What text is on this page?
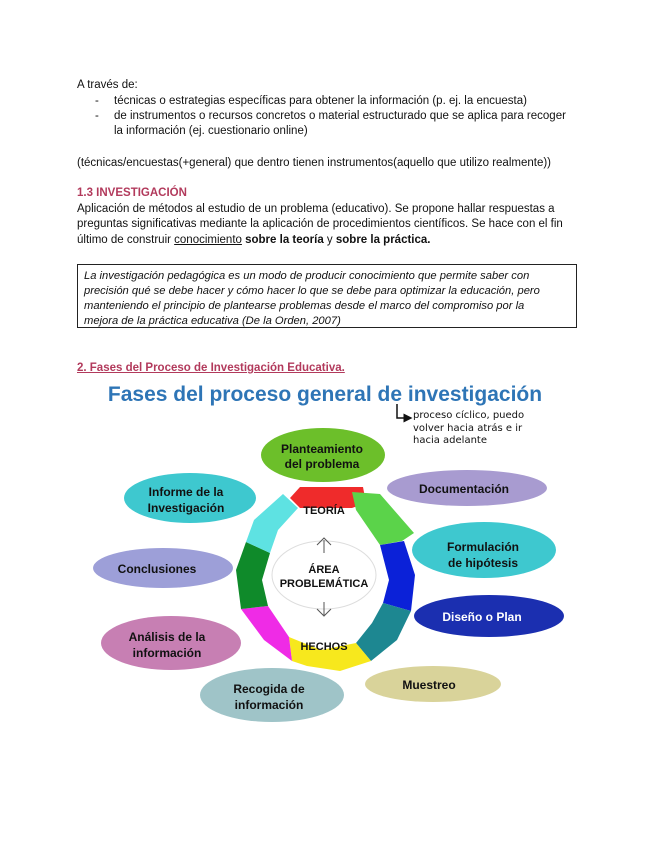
A través de:
- técnicas o estrategias específicas para obtener la información (p. ej. la encuesta)
- de instrumentos o recursos concretos o material estructurado que se aplica para recoger
la información (ej. cuestionario online)
(técnicas/encuestas(+general) que dentro tienen instrumentos(aquello que utilizo realmente))
1.3 INVESTIGACIÓN
Aplicación de métodos al estudio de un problema (educativo). Se propone hallar respuestas a
preguntas significativas mediante la aplicación de procedimientos científicos. Se hace con el fin
último de construir conocimiento sobre la teoría y sobre la práctica.
La investigación pedagógica es un modo de producir conocimiento que permite saber con
precisión qué se debe hacer y cómo hacer lo que se debe para optimizar la educación, pero
manteniendo el principio de plantearse problemas desde el marco del compromiso por la
mejora de la práctica educativa (De la Orden, 2007)
2. Fases del Proceso de Investigación Educativa.
Fases del proceso general de investigación
proceso cíclico, puedo
volver hacia atrás e ir
hacia adelante
ÁREA
PROBLEMÁTICA
TEORÍA
HECHOS
Planteamiento
del problema
Documentación
Formulación
de hipótesis
Diseño o Plan
Muestreo
Recogida de
información
Análisis de la
información
Conclusiones
Informe de la
Investigación
